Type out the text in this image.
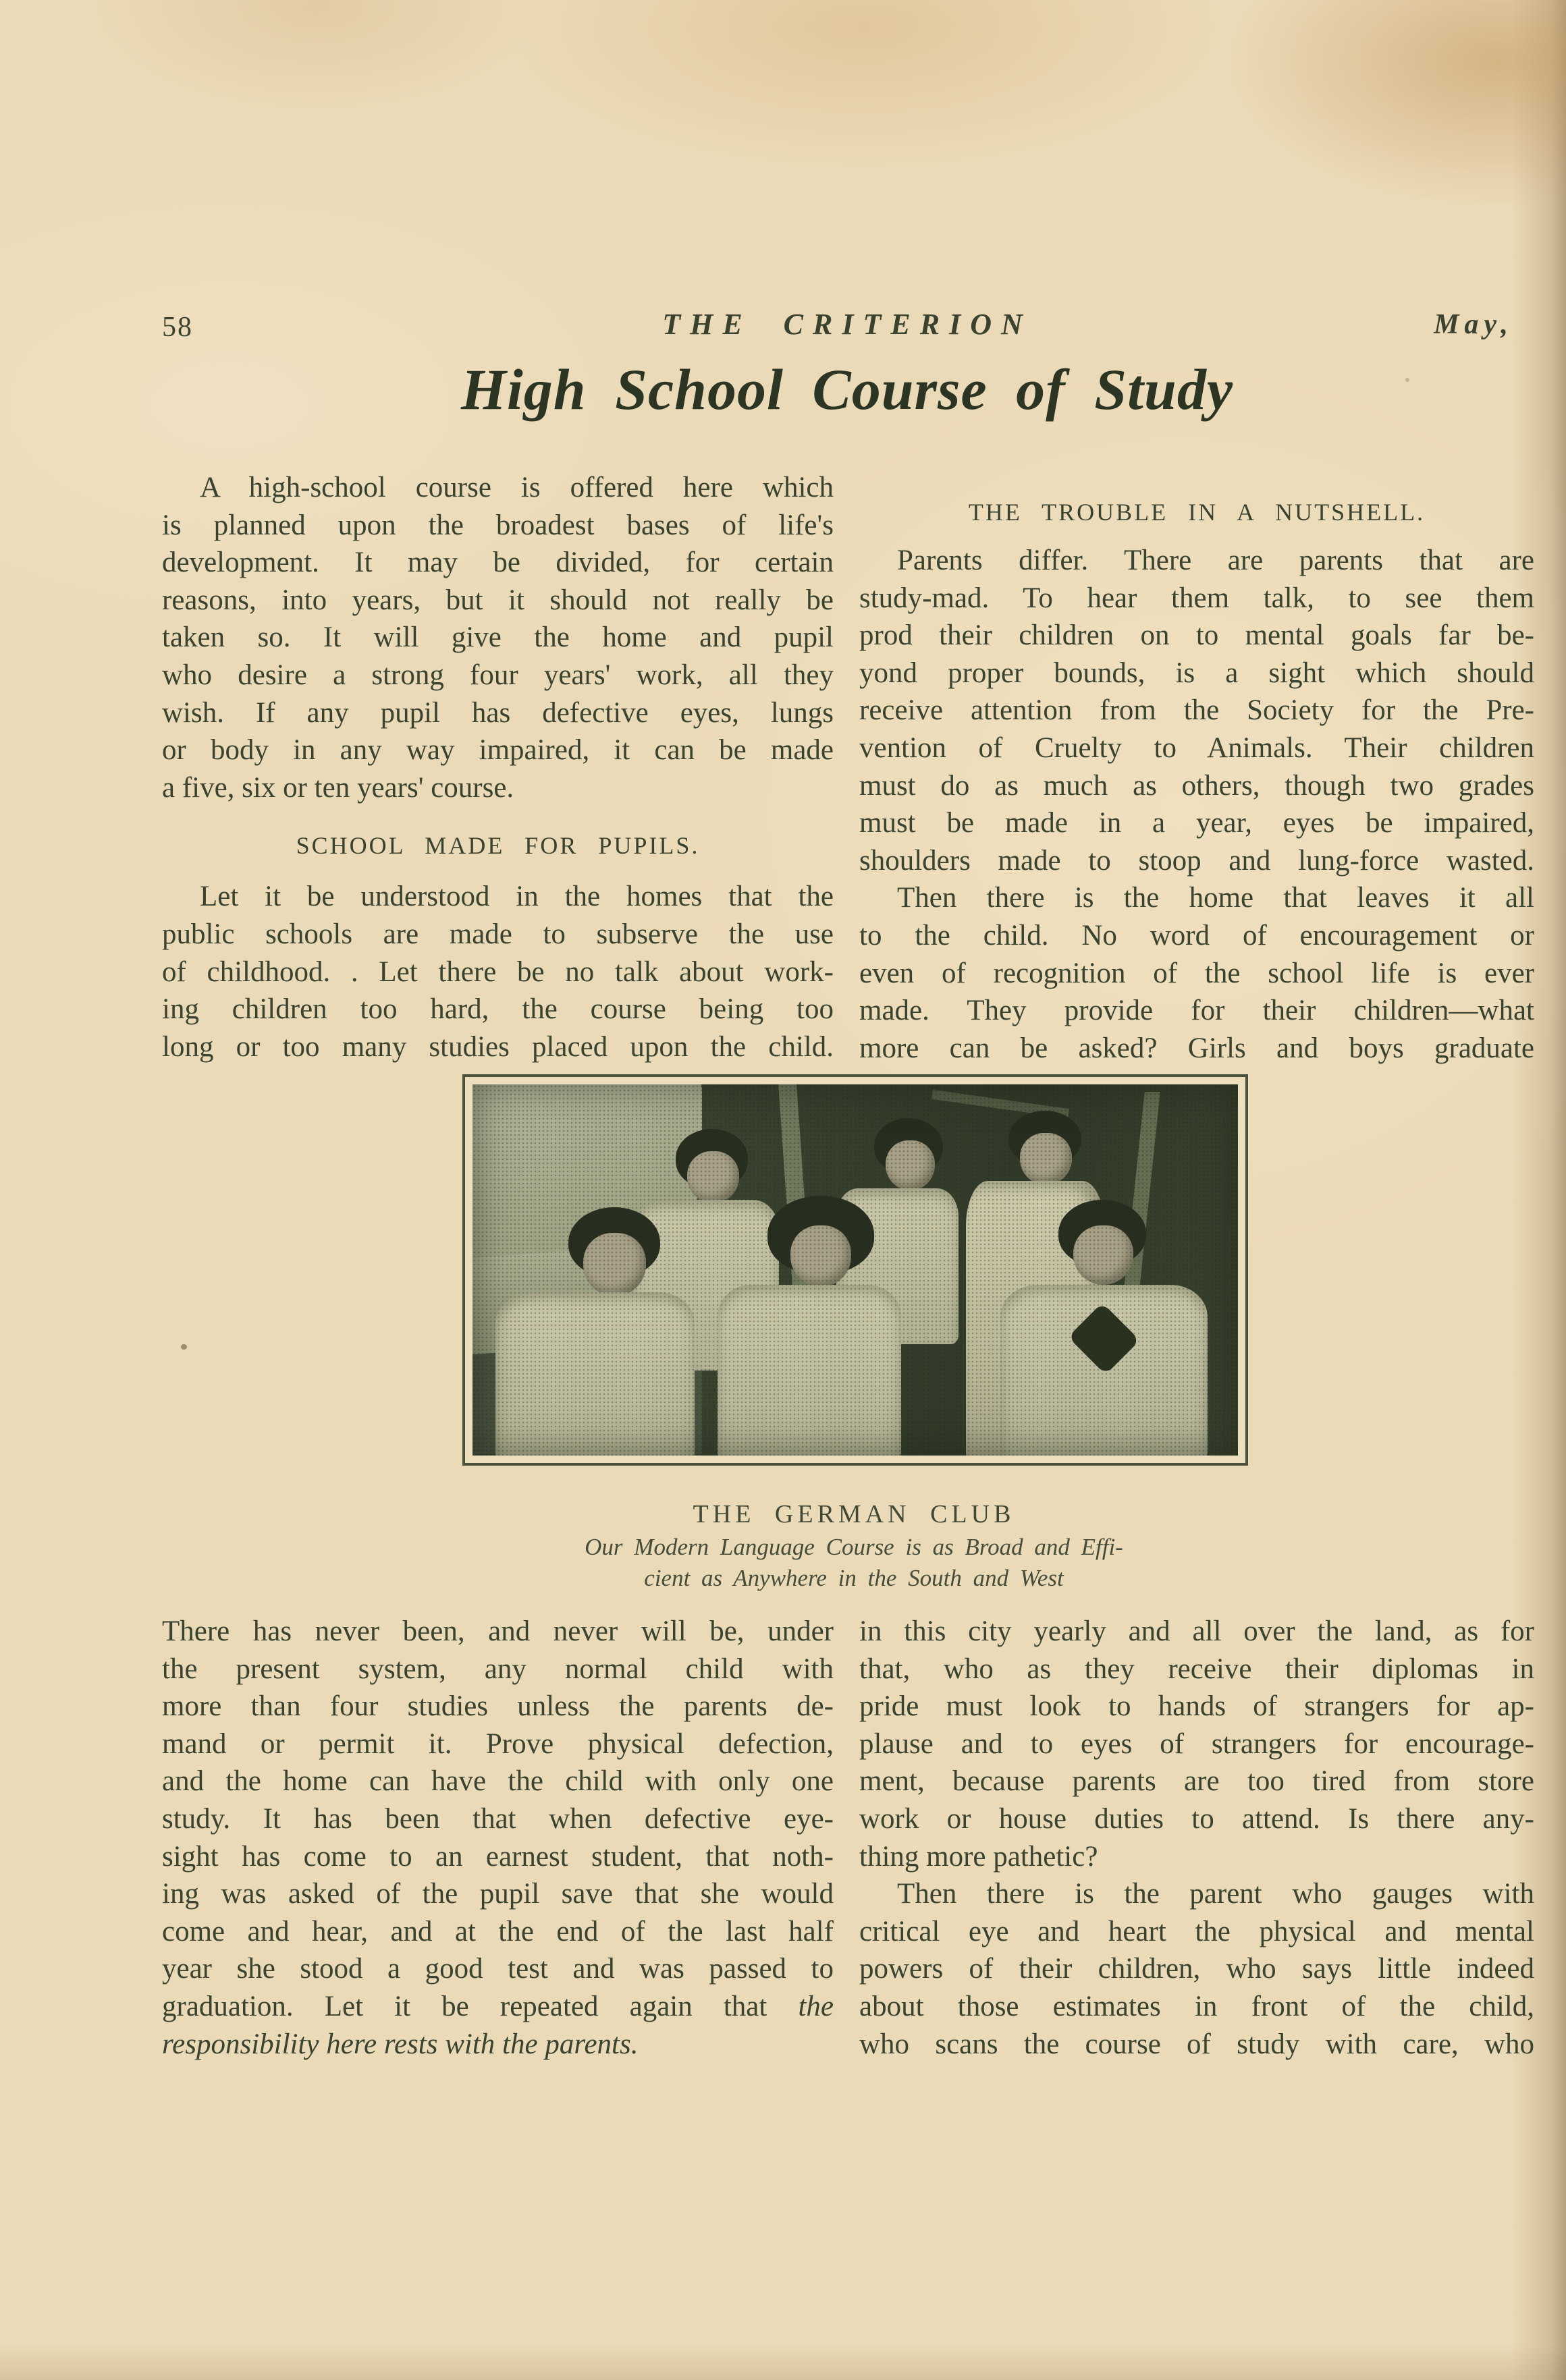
58	THE CRITERION	May,
High School Course of Study
A high-school course is offered here which
is planned upon the broadest bases of life's
development. It may be divided, for certain
reasons, into years, but it should not really be
taken so. It will give the home and pupil
who desire a strong four years' work, all they
wish. If any pupil has defective eyes, lungs
or body in any way impaired, it can be made
a five, six or ten years' course.
SCHOOL MADE FOR PUPILS.
Let it be understood in the homes that the
public schools are made to subserve the use
of childhood. . Let there be no talk about work-
ing children too hard, the course being too
long or too many studies placed upon the child.
THE TROUBLE IN A NUTSHELL.
Parents differ. There are parents that are
study-mad. To hear them talk, to see them
prod their children on to mental goals far be-
yond proper bounds, is a sight which should
receive attention from the Society for the Pre-
vention of Cruelty to Animals. Their children
must do as much as others, though two grades
must be made in a year, eyes be impaired,
shoulders made to stoop and lung-force wasted.
Then there is the home that leaves it all
to the child. No word of encouragement or
even of recognition of the school life is ever
made. They provide for their children—what
more can be asked? Girls and boys graduate
THE GERMAN CLUB
Our Modern Language Course is as Broad and Effi-
cient as Anywhere in the South and West
There has never been, and never will be, under
the present system, any normal child with
more than four studies unless the parents de-
mand or permit it. Prove physical defection,
and the home can have the child with only one
study. It has been that when defective eye-
sight has come to an earnest student, that noth-
ing was asked of the pupil save that she would
come and hear, and at the end of the last half
year she stood a good test and was passed to
graduation. Let it be repeated again that the
responsibility here rests with the parents.
in this city yearly and all over the land, as for
that, who as they receive their diplomas in
pride must look to hands of strangers for ap-
plause and to eyes of strangers for encourage-
ment, because parents are too tired from store
work or house duties to attend. Is there any-
thing more pathetic?
Then there is the parent who gauges with
critical eye and heart the physical and mental
powers of their children, who says little indeed
about those estimates in front of the child,
who scans the course of study with care, who
